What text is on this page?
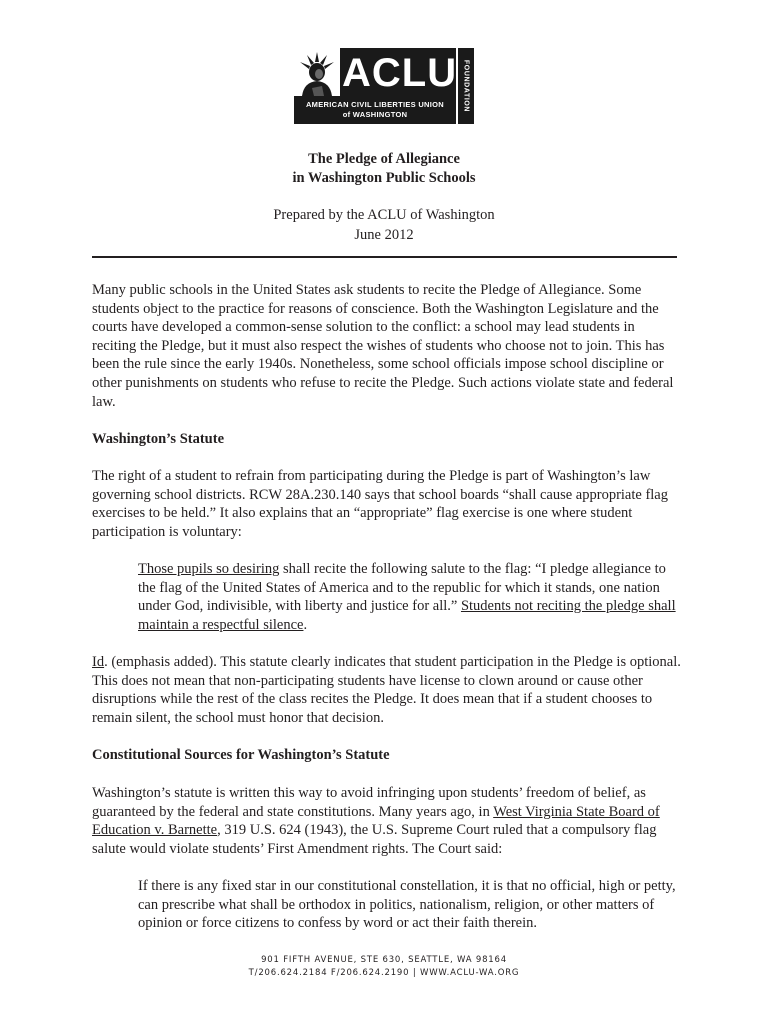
ACLU
AMERICAN CIVIL LIBERTIES UNION
of WASHINGTON
FOUNDATION
The Pledge of Allegiance
in Washington Public Schools
Prepared by the ACLU of Washington
June 2012

Many public schools in the United States ask students to recite the Pledge of Allegiance. Some students object to the practice for reasons of conscience. Both the Washington Legislature and the courts have developed a common-sense solution to the conflict: a school may lead students in reciting the Pledge, but it must also respect the wishes of students who choose not to join. This has been the rule since the early 1940s. Nonetheless, some school officials impose school discipline or other punishments on students who refuse to recite the Pledge. Such actions violate state and federal law.

Washington’s Statute

The right of a student to refrain from participating during the Pledge is part of Washington’s law governing school districts. RCW 28A.230.140 says that school boards “shall cause appropriate flag exercises to be held.” It also explains that an “appropriate” flag exercise is one where student participation is voluntary:

Those pupils so desiring shall recite the following salute to the flag: “I pledge allegiance to the flag of the United States of America and to the republic for which it stands, one nation under God, indivisible, with liberty and justice for all.” Students not reciting the pledge shall maintain a respectful silence.

Id. (emphasis added). This statute clearly indicates that student participation in the Pledge is optional. This does not mean that non-participating students have license to clown around or cause other disruptions while the rest of the class recites the Pledge. It does mean that if a student chooses to remain silent, the school must honor that decision.

Constitutional Sources for Washington’s Statute

Washington’s statute is written this way to avoid infringing upon students’ freedom of belief, as guaranteed by the federal and state constitutions. Many years ago, in West Virginia State Board of Education v. Barnette, 319 U.S. 624 (1943), the U.S. Supreme Court ruled that a compulsory flag salute would violate students’ First Amendment rights. The Court said:

If there is any fixed star in our constitutional constellation, it is that no official, high or petty, can prescribe what shall be orthodox in politics, nationalism, religion, or other matters of opinion or force citizens to confess by word or act their faith therein.

901 FIFTH AVENUE, STE 630, SEATTLE, WA 98164
T/206.624.2184 F/206.624.2190 | WWW.ACLU-WA.ORG
